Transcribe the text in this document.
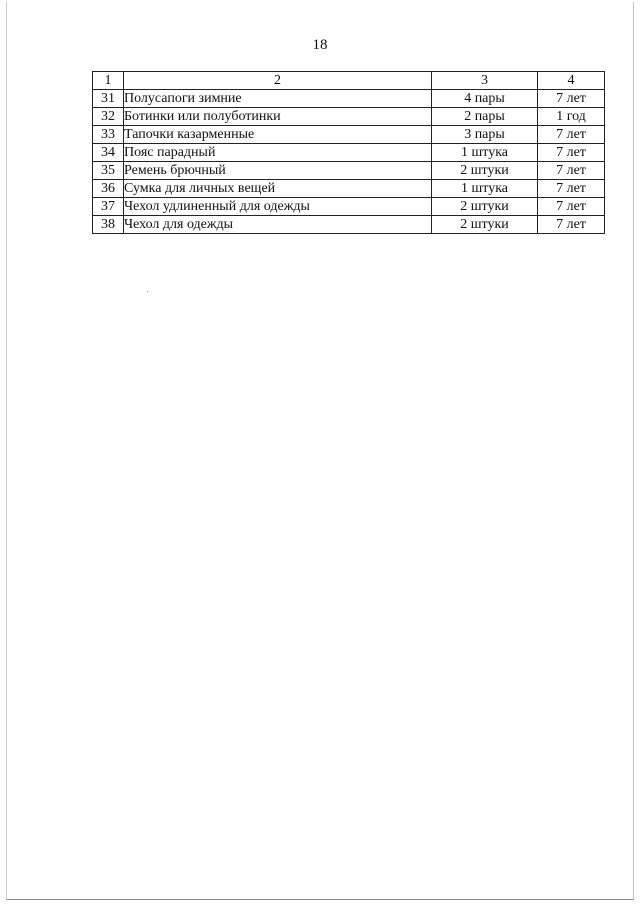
18
1	2	3	4
31	Полусапоги зимние	4 пары	7 лет
32	Ботинки или полуботинки	2 пары	1 год
33	Тапочки казарменные	3 пары	7 лет
34	Пояс парадный	1 штука	7 лет
35	Ремень брючный	2 штуки	7 лет
36	Сумка для личных вещей	1 штука	7 лет
37	Чехол удлиненный для одежды	2 штуки	7 лет
38	Чехол для одежды	2 штуки	7 лет
